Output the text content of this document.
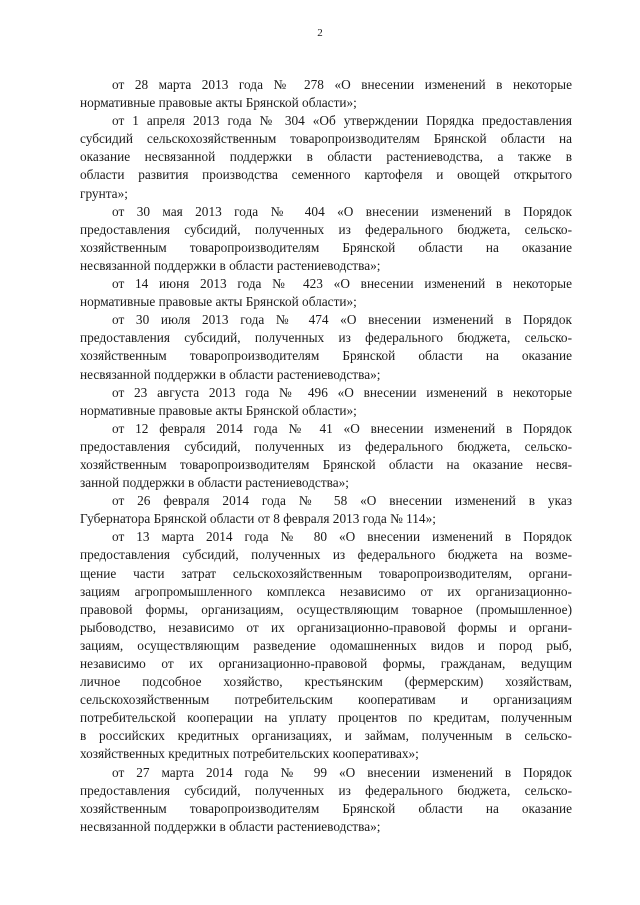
2
от 28 марта 2013 года № 278 «О внесении изменений в некоторые
нормативные правовые акты Брянской области»;
от 1 апреля 2013 года № 304 «Об утверждении Порядка предоставления
субсидий сельскохозяйственным товаропроизводителям Брянской области на
оказание несвязанной поддержки в области растениеводства, а также в
области развития производства семенного картофеля и овощей открытого
грунта»;
от 30 мая 2013 года № 404 «О внесении изменений в Порядок
предоставления субсидий, полученных из федерального бюджета, сельско-
хозяйственным товаропроизводителям Брянской области на оказание
несвязанной поддержки в области растениеводства»;
от 14 июня 2013 года № 423 «О внесении изменений в некоторые
нормативные правовые акты Брянской области»;
от 30 июля 2013 года № 474 «О внесении изменений в Порядок
предоставления субсидий, полученных из федерального бюджета, сельско-
хозяйственным товаропроизводителям Брянской области на оказание
несвязанной поддержки в области растениеводства»;
от 23 августа 2013 года № 496 «О внесении изменений в некоторые
нормативные правовые акты Брянской области»;
от 12 февраля 2014 года № 41 «О внесении изменений в Порядок
предоставления субсидий, полученных из федерального бюджета, сельско-
хозяйственным товаропроизводителям Брянской области на оказание несвя-
занной поддержки в области растениеводства»;
от 26 февраля 2014 года № 58 «О внесении изменений в указ
Губернатора Брянской области от 8 февраля 2013 года № 114»;
от 13 марта 2014 года № 80 «О внесении изменений в Порядок
предоставления субсидий, полученных из федерального бюджета на возме-
щение части затрат сельскохозяйственным товаропроизводителям, органи-
зациям агропромышленного комплекса независимо от их организационно-
правовой формы, организациям, осуществляющим товарное (промышленное)
рыбоводство, независимо от их организационно-правовой формы и органи-
зациям, осуществляющим разведение одомашненных видов и пород рыб,
независимо от их организационно-правовой формы, гражданам, ведущим
личное подсобное хозяйство, крестьянским (фермерским) хозяйствам,
сельскохозяйственным потребительским кооперативам и организациям
потребительской кооперации на уплату процентов по кредитам, полученным
в российских кредитных организациях, и займам, полученным в сельско-
хозяйственных кредитных потребительских кооперативах»;
от 27 марта 2014 года № 99 «О внесении изменений в Порядок
предоставления субсидий, полученных из федерального бюджета, сельско-
хозяйственным товаропроизводителям Брянской области на оказание
несвязанной поддержки в области растениеводства»;
